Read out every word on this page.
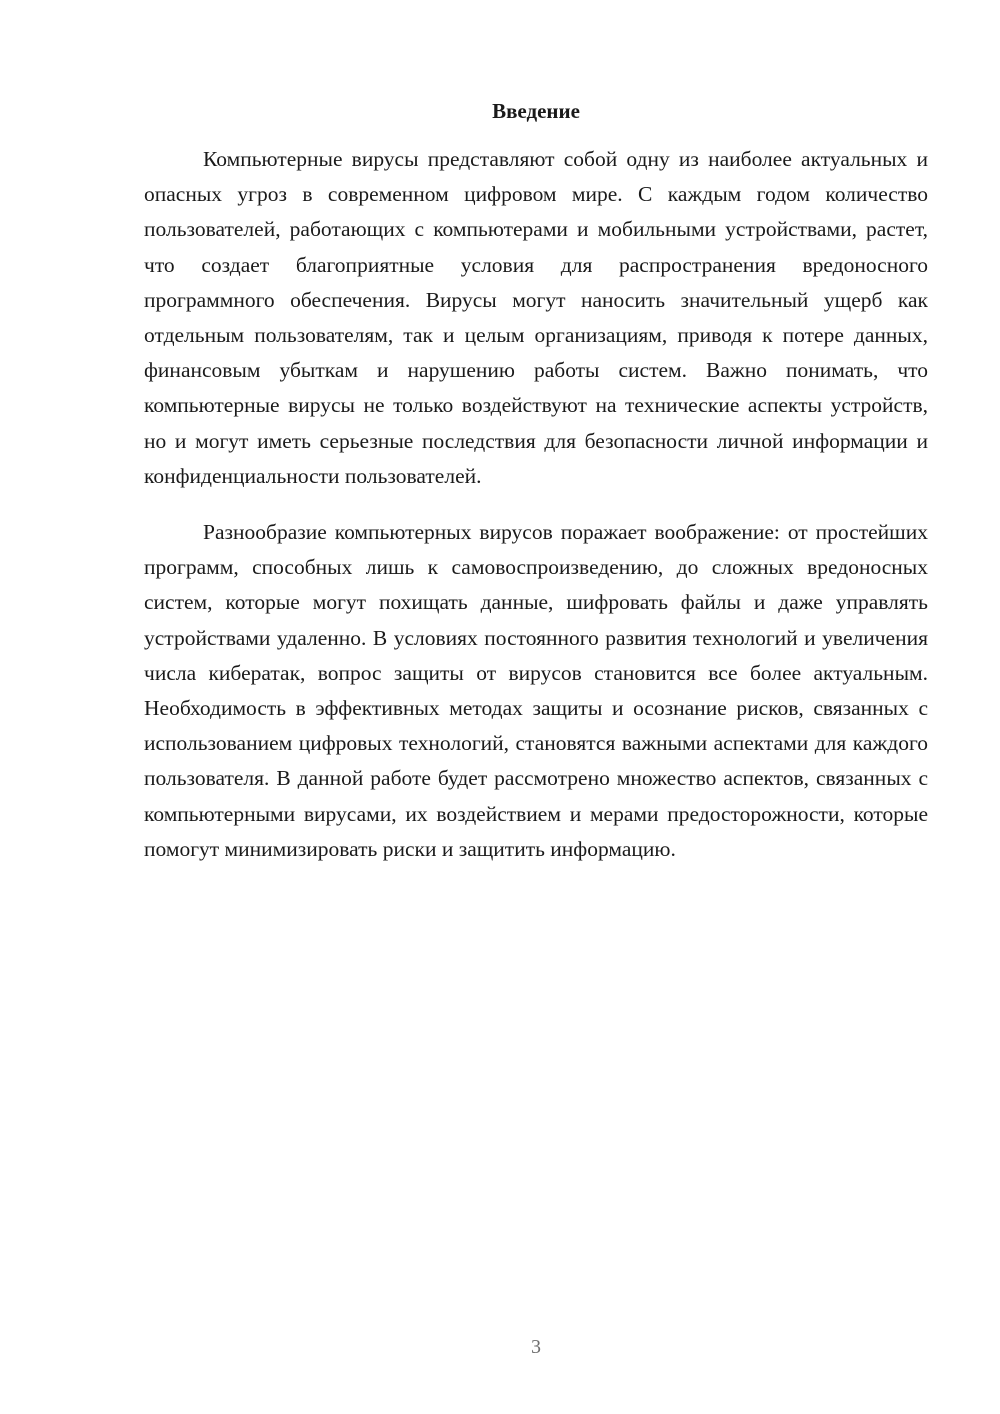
Введение

Компьютерные вирусы представляют собой одну из наиболее актуальных и опасных угроз в современном цифровом мире. С каждым годом количество пользователей, работающих с компьютерами и мобильными устройствами, растет, что создает благоприятные условия для распространения вредоносного программного обеспечения. Вирусы могут наносить значительный ущерб как отдельным пользователям, так и целым организациям, приводя к потере данных, финансовым убыткам и нарушению работы систем. Важно понимать, что компьютерные вирусы не только воздействуют на технические аспекты устройств, но и могут иметь серьезные последствия для безопасности личной информации и конфиденциальности пользователей.

Разнообразие компьютерных вирусов поражает воображение: от простейших программ, способных лишь к самовоспроизведению, до сложных вредоносных систем, которые могут похищать данные, шифровать файлы и даже управлять устройствами удаленно. В условиях постоянного развития технологий и увеличения числа кибератак, вопрос защиты от вирусов становится все более актуальным. Необходимость в эффективных методах защиты и осознание рисков, связанных с использованием цифровых технологий, становятся важными аспектами для каждого пользователя. В данной работе будет рассмотрено множество аспектов, связанных с компьютерными вирусами, их воздействием и мерами предосторожности, которые помогут минимизировать риски и защитить информацию.

3
